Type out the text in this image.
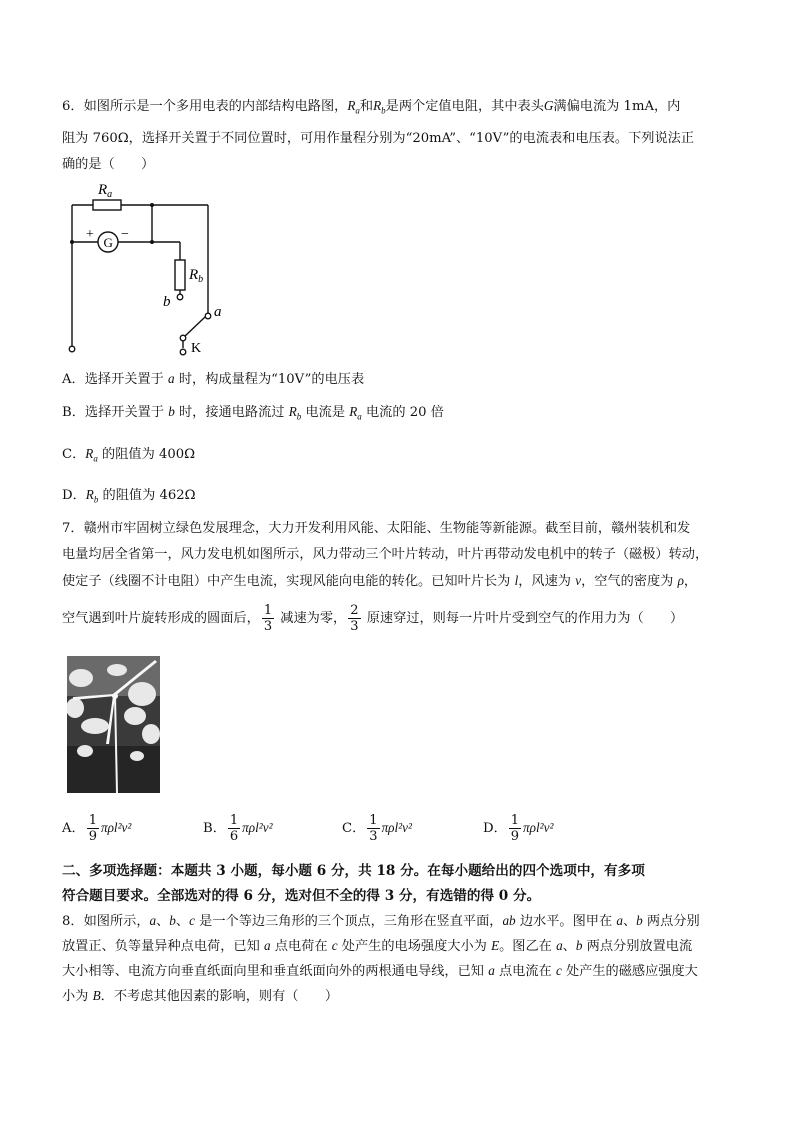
6．如图所示是一个多用电表的内部结构电路图，$R_a$和$R_b$是两个定值电阻，其中表头G满偏电流为 1mA，内
阻为 760Ω，选择开关置于不同位置时，可用作量程分别为“20mA”、“10V”的电流表和电压表。下列说法正
确的是（　　）
$R_a$
G
+ −
$R_b$
b
a
K
A．选择开关置于 a 时，构成量程为“10V”的电压表
B．选择开关置于 b 时，接通电路流过 $R_b$ 电流是 $R_a$ 电流的 20 倍
C．$R_a$ 的阻值为 400Ω
D．$R_b$ 的阻值为 462Ω
7．赣州市牢固树立绿色发展理念，大力开发利用风能、太阳能、生物能等新能源。截至目前，赣州装机和发
电量均居全省第一，风力发电机如图所示，风力带动三个叶片转动，叶片再带动发电机中的转子（磁极）转动，
使定子（线圈不计电阻）中产生电流，实现风能向电能的转化。已知叶片长为 l，风速为 v，空气的密度为 ρ，
空气遇到叶片旋转形成的圆面后， $\frac{1}{3}$ 减速为零， $\frac{2}{3}$ 原速穿过，则每一片叶片受到空气的作用力为（　　）
A． $\frac{1}{9} \pi\rho l^2v^2$	B． $\frac{1}{6} \pi\rho l^2v^2$	C． $\frac{1}{3} \pi\rho l^2v^2$	D． $\frac{1}{9} \pi\rho l^2v^2$
二、多项选择题：本题共 3 小题，每小题 6 分，共 18 分。在每小题给出的四个选项中，有多项
符合题目要求。全部选对的得 6 分，选对但不全的得 3 分，有选错的得 0 分。
8．如图所示，a、b、c 是一个等边三角形的三个顶点，三角形在竖直平面，ab 边水平。图甲在 a、b 两点分别
放置正、负等量异种点电荷，已知 a 点电荷在 c 处产生的电场强度大小为 E。图乙在 a、b 两点分别放置电流
大小相等、电流方向垂直纸面向里和垂直纸面向外的两根通电导线，已知 a 点电流在 c 处产生的磁感应强度大
小为 B．不考虑其他因素的影响，则有（　　）
